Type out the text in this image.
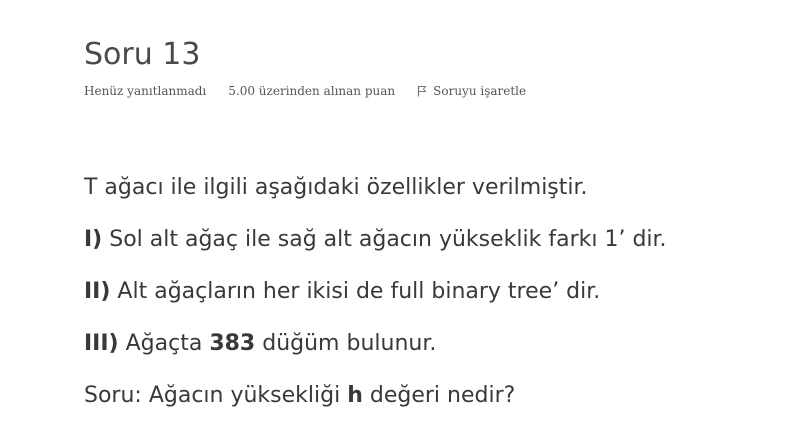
Soru 13
Henüz yanıtlanmadı 5.00 üzerinden alınan puan	Soruyu işaretle

T ağacı ile ilgili aşağıdaki özellikler verilmiştir.

I) Sol alt ağaç ile sağ alt ağacın yükseklik farkı 1’ dir.

II) Alt ağaçların her ikisi de full binary tree’ dir.

III) Ağaçta 383 düğüm bulunur.

Soru: Ağacın yüksekliği h değeri nedir?
